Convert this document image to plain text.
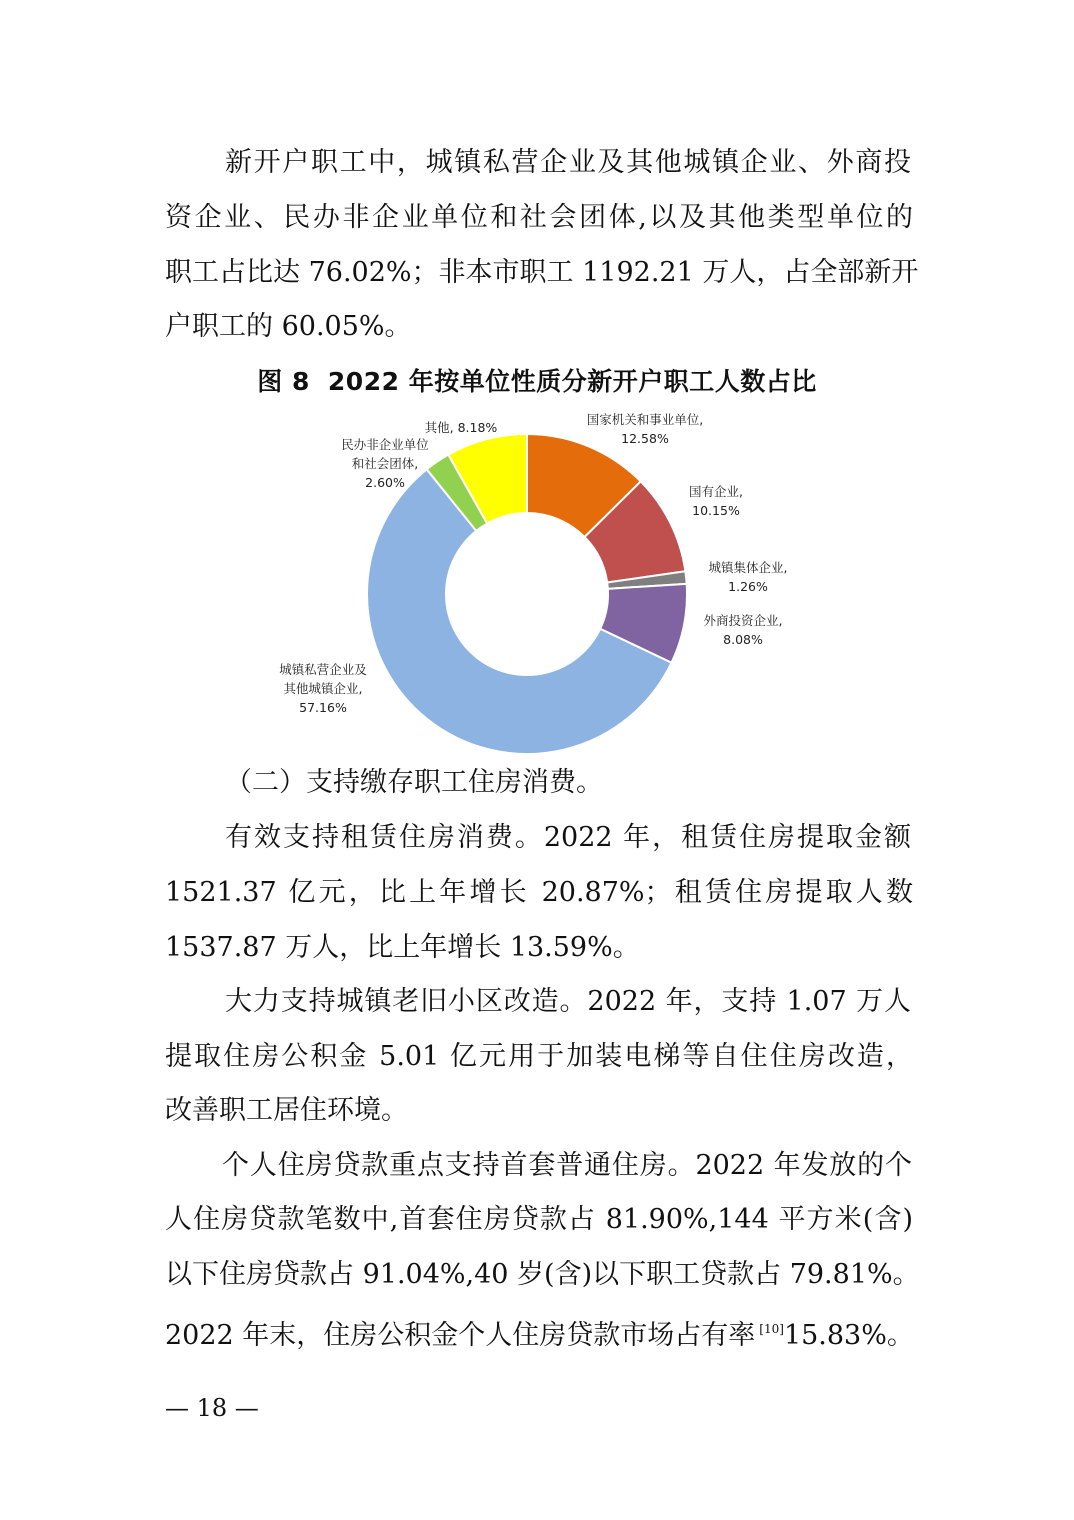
新开户职工中，城镇私营企业及其他城镇企业、外商投
资企业、民办非企业单位和社会团体,以及其他类型单位的
职工占比达 76.02%；非本市职工 1192.21 万人，占全部新开
户职工的 60.05%。
图 8 2022 年按单位性质分新开户职工人数占比
国家机关和事业单位, 12.58%
国有企业, 10.15%
城镇集体企业, 1.26%
外商投资企业, 8.08%
城镇私营企业及其他城镇企业, 57.16%
民办非企业单位和社会团体, 2.60%
其他, 8.18%
（二）支持缴存职工住房消费。
有效支持租赁住房消费。2022 年，租赁住房提取金额
1521.37 亿元，比上年增长 20.87%；租赁住房提取人数
1537.87 万人，比上年增长 13.59%。
大力支持城镇老旧小区改造。2022 年，支持 1.07 万人
提取住房公积金 5.01 亿元用于加装电梯等自住住房改造，
改善职工居住环境。
个人住房贷款重点支持首套普通住房。2022 年发放的个
人住房贷款笔数中,首套住房贷款占 81.90%,144 平方米(含)
以下住房贷款占 91.04%,40 岁(含)以下职工贷款占 79.81%。
2022 年末，住房公积金个人住房贷款市场占有率 [10]15.83%。
— 18 —
